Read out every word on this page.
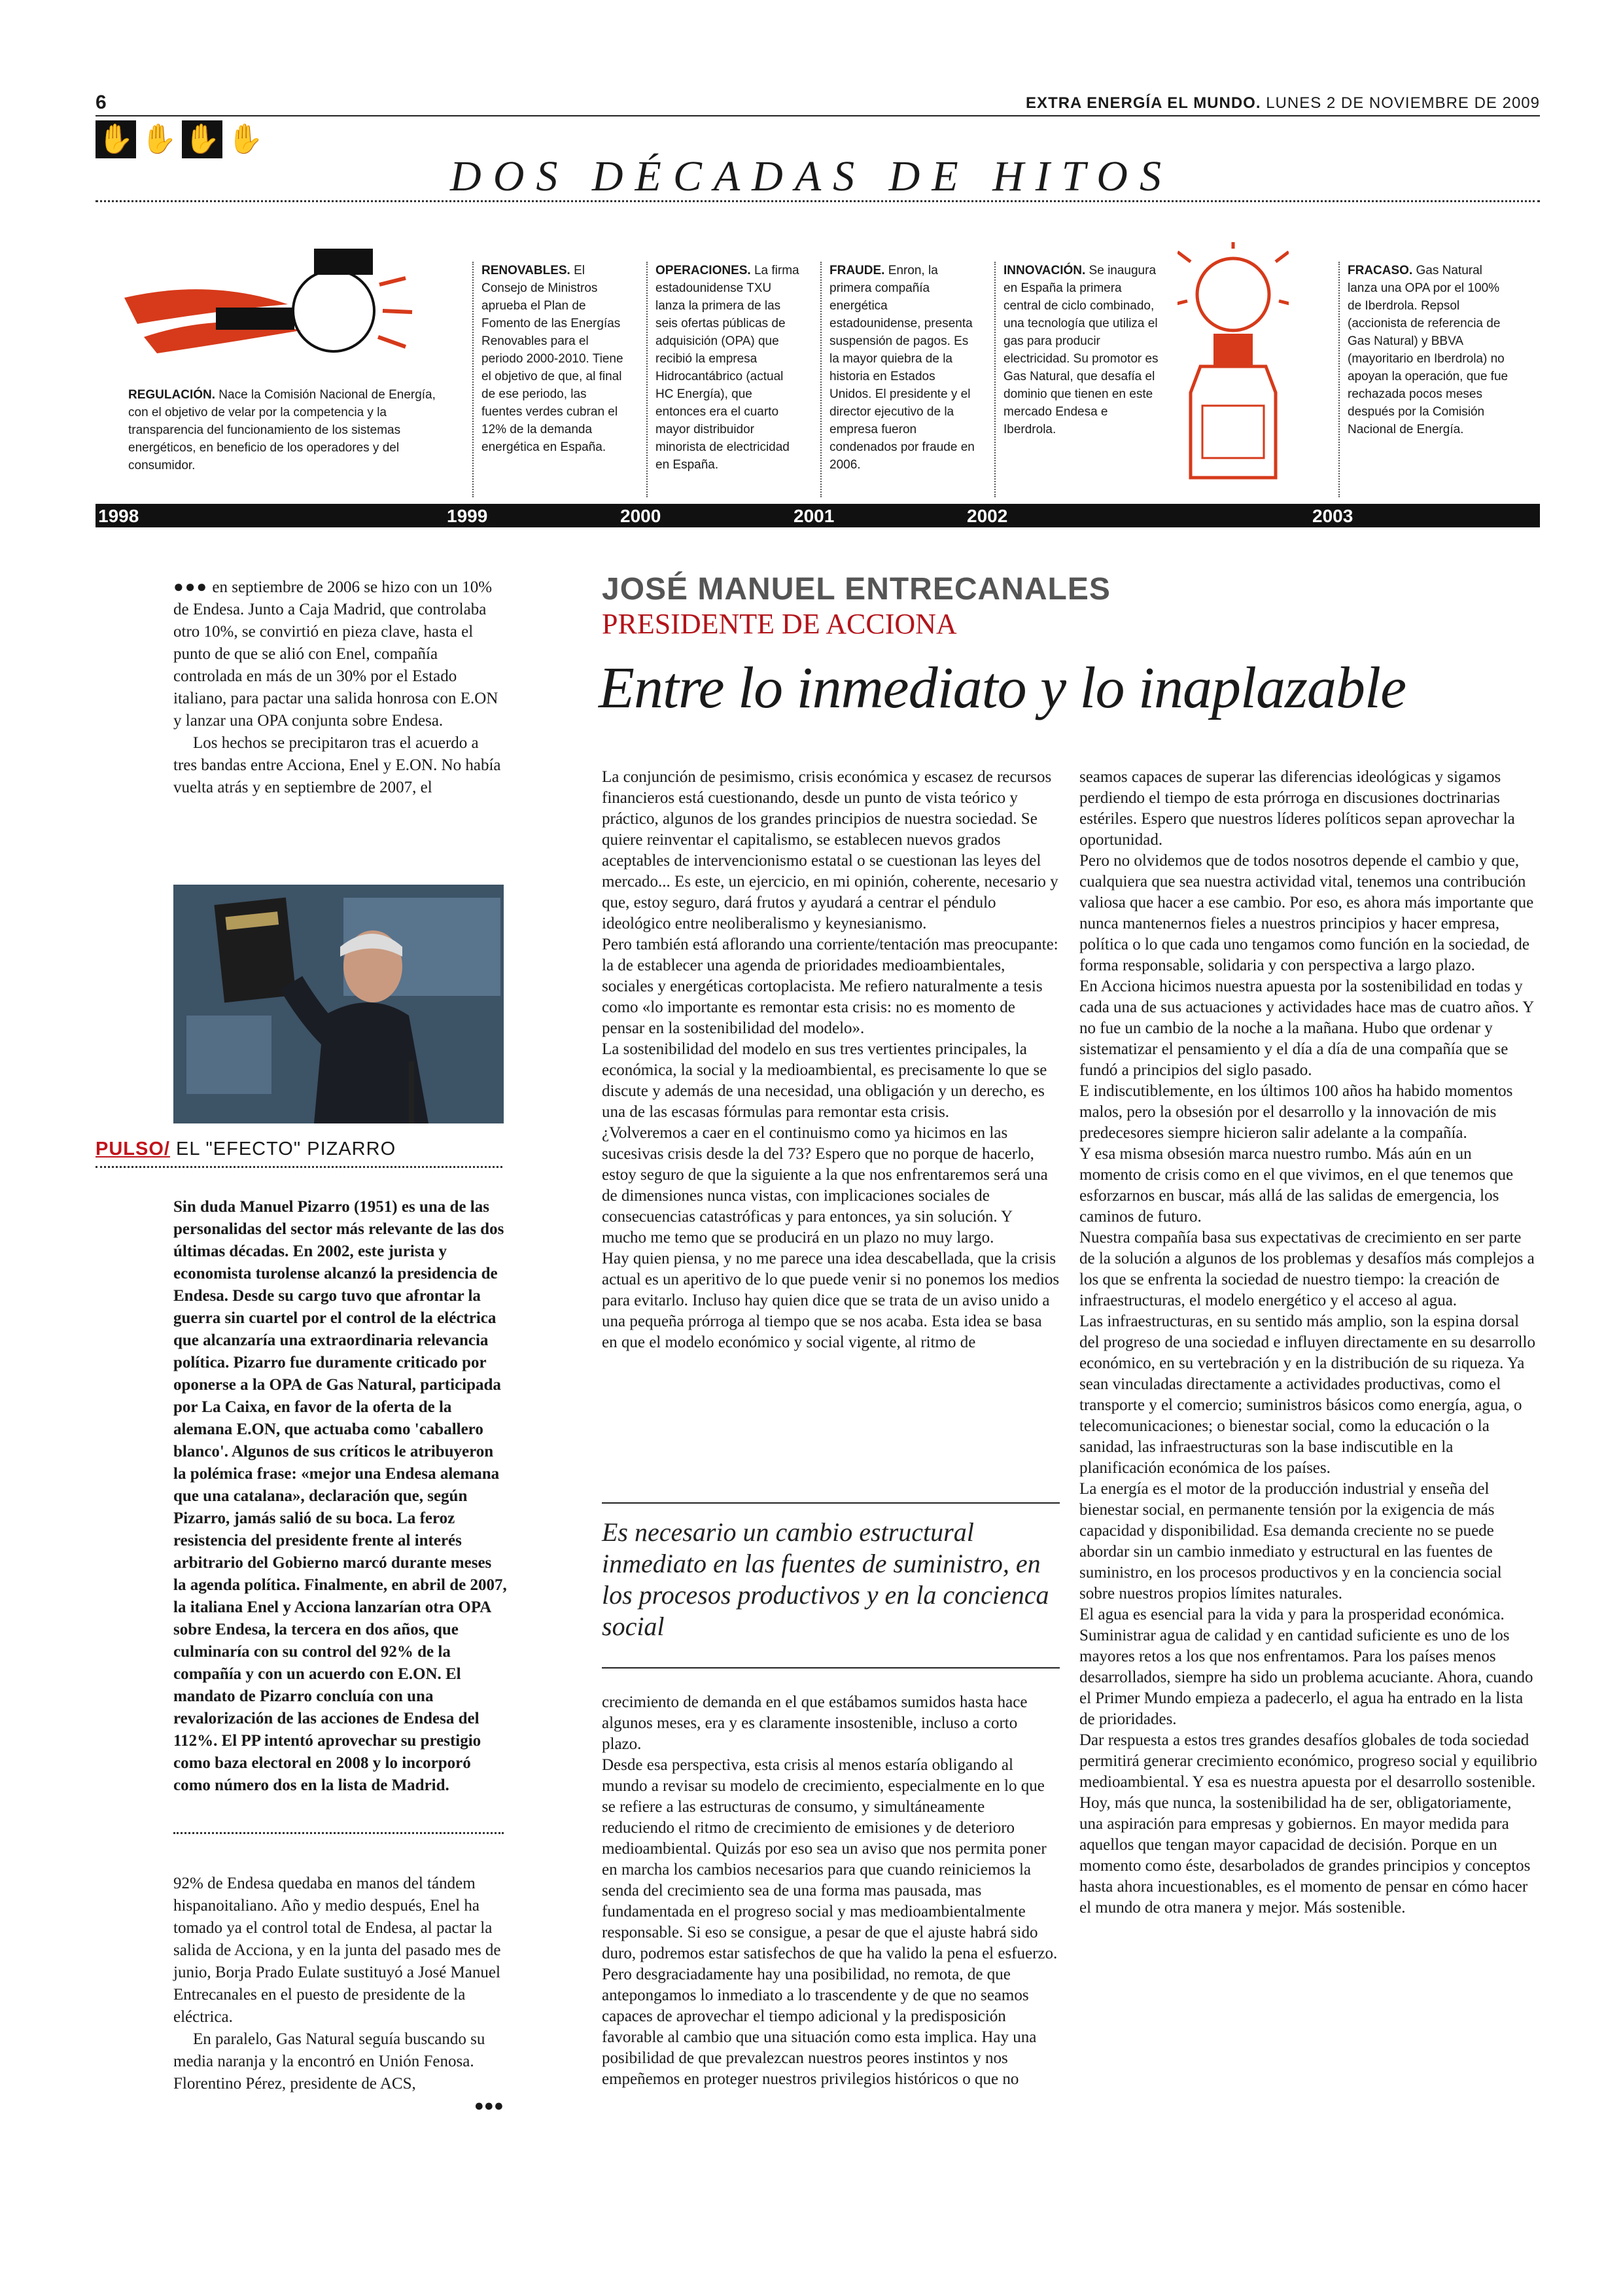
6	EXTRA ENERGÍA EL MUNDO. LUNES 2 DE NOVIEMBRE DE 2009
✋ ✋ ✋ ✋
DOS DÉCADAS DE HITOS
REGULACIÓN. Nace la Comisión Nacional de Energía, con el objetivo de velar por la competencia y la transparencia del funcionamiento de los sistemas energéticos, en beneficio de los operadores y del consumidor.
RENOVABLES. El Consejo de Ministros aprueba el Plan de Fomento de las Energías Renovables para el periodo 2000-2010. Tiene el objetivo de que, al final de ese periodo, las fuentes verdes cubran el 12% de la demanda energética en España.
OPERACIONES. La firma estadounidense TXU lanza la primera de las seis ofertas públicas de adquisición (OPA) que recibió la empresa Hidrocantábrico (actual HC Energía), que entonces era el cuarto mayor distribuidor minorista de electricidad en España.
FRAUDE. Enron, la primera compañía energética estadounidense, presenta suspensión de pagos. Es la mayor quiebra de la historia en Estados Unidos. El presidente y el director ejecutivo de la empresa fueron condenados por fraude en 2006.
INNOVACIÓN. Se inaugura en España la primera central de ciclo combinado, una tecnología que utiliza el gas para producir electricidad. Su promotor es Gas Natural, que desafía el dominio que tienen en este mercado Endesa e Iberdrola.
FRACASO. Gas Natural lanza una OPA por el 100% de Iberdrola. Repsol (accionista de referencia de Gas Natural) y BBVA (mayoritario en Iberdrola) no apoyan la operación, que fue rechazada pocos meses después por la Comisión Nacional de Energía.
1998	1999	2000	2001	2002	2003

●●● en septiembre de 2006 se hizo con un 10% de Endesa. Junto a Caja Madrid, que controlaba otro 10%, se convirtió en pieza clave, hasta el punto de que se alió con Enel, compañía controlada en más de un 30% por el Estado italiano, para pactar una salida honrosa con E.ON y lanzar una OPA conjunta sobre Endesa.

Los hechos se precipitaron tras el acuerdo a tres bandas entre Acciona, Enel y E.ON. No había vuelta atrás y en septiembre de 2007, el

PULSO/ EL "EFECTO" PIZARRO
Sin duda Manuel Pizarro (1951) es una de las personalidas del sector más relevante de las dos últimas décadas. En 2002, este jurista y economista turolense alcanzó la presidencia de Endesa. Desde su cargo tuvo que afrontar la guerra sin cuartel por el control de la eléctrica que alcanzaría una extraordinaria relevancia política. Pizarro fue duramente criticado por oponerse a la OPA de Gas Natural, participada por La Caixa, en favor de la oferta de la alemana E.ON, que actuaba como 'caballero blanco'. Algunos de sus críticos le atribuyeron la polémica frase: «mejor una Endesa alemana que una catalana», declaración que, según Pizarro, jamás salió de su boca. La feroz resistencia del presidente frente al interés arbitrario del Gobierno marcó durante meses la agenda política. Finalmente, en abril de 2007, la italiana Enel y Acciona lanzarían otra OPA sobre Endesa, la tercera en dos años, que culminaría con su control del 92% de la compañía y con un acuerdo con E.ON. El mandato de Pizarro concluía con una revalorización de las acciones de Endesa del 112%. El PP intentó aprovechar su prestigio como baza electoral en 2008 y lo incorporó como número dos en la lista de Madrid.

92% de Endesa quedaba en manos del tándem hispanoitaliano. Año y medio después, Enel ha tomado ya el control total de Endesa, al pactar la salida de Acciona, y en la junta del pasado mes de junio, Borja Prado Eulate sustituyó a José Manuel Entrecanales en el puesto de presidente de la eléctrica.

En paralelo, Gas Natural seguía buscando su media naranja y la encontró en Unión Fenosa. Florentino Pérez, presidente de ACS,

●●●

JOSÉ MANUEL ENTRECANALES
PRESIDENTE DE ACCIONA
Entre lo inmediato y lo inaplazable

La conjunción de pesimismo, crisis económica y escasez de recursos financieros está cuestionando, desde un punto de vista teórico y práctico, algunos de los grandes principios de nuestra sociedad. Se quiere reinventar el capitalismo, se establecen nuevos grados aceptables de intervencionismo estatal o se cuestionan las leyes del mercado... Es este, un ejercicio, en mi opinión, coherente, necesario y que, estoy seguro, dará frutos y ayudará a centrar el péndulo ideológico entre neoliberalismo y keynesianismo.

Pero también está aflorando una corriente/tentación mas preocupante: la de establecer una agenda de prioridades medioambientales, sociales y energéticas cortoplacista. Me refiero naturalmente a tesis como «lo importante es remontar esta crisis: no es momento de pensar en la sostenibilidad del modelo».

La sostenibilidad del modelo en sus tres vertientes principales, la económica, la social y la medioambiental, es precisamente lo que se discute y además de una necesidad, una obligación y un derecho, es una de las escasas fórmulas para remontar esta crisis.

¿Volveremos a caer en el continuismo como ya hicimos en las sucesivas crisis desde la del 73? Espero que no porque de hacerlo, estoy seguro de que la siguiente a la que nos enfrentaremos será una de dimensiones nunca vistas, con implicaciones sociales de consecuencias catastróficas y para entonces, ya sin solución. Y mucho me temo que se producirá en un plazo no muy largo.

Hay quien piensa, y no me parece una idea descabellada, que la crisis actual es un aperitivo de lo que puede venir si no ponemos los medios para evitarlo. Incluso hay quien dice que se trata de un aviso unido a una pequeña prórroga al tiempo que se nos acaba. Esta idea se basa en que el modelo económico y social vigente, al ritmo de

Es necesario un cambio estructural inmediato en las fuentes de suministro, en los procesos productivos y en la concienca social

crecimiento de demanda en el que estábamos sumidos hasta hace algunos meses, era y es claramente insostenible, incluso a corto plazo.

Desde esa perspectiva, esta crisis al menos estaría obligando al mundo a revisar su modelo de crecimiento, especialmente en lo que se refiere a las estructuras de consumo, y simultáneamente reduciendo el ritmo de crecimiento de emisiones y de deterioro medioambiental. Quizás por eso sea un aviso que nos permita poner en marcha los cambios necesarios para que cuando reiniciemos la senda del crecimiento sea de una forma mas pausada, mas fundamentada en el progreso social y mas medioambientalmente responsable. Si eso se consigue, a pesar de que el ajuste habrá sido duro, podremos estar satisfechos de que ha valido la pena el esfuerzo.

Pero desgraciadamente hay una posibilidad, no remota, de que antepongamos lo inmediato a lo trascendente y de que no seamos capaces de aprovechar el tiempo adicional y la predisposición favorable al cambio que una situación como esta implica. Hay una posibilidad de que prevalezcan nuestros peores instintos y nos empeñemos en proteger nuestros privilegios históricos o que no

seamos capaces de superar las diferencias ideológicas y sigamos perdiendo el tiempo de esta prórroga en discusiones doctrinarias estériles. Espero que nuestros líderes políticos sepan aprovechar la oportunidad.

Pero no olvidemos que de todos nosotros depende el cambio y que, cualquiera que sea nuestra actividad vital, tenemos una contribución valiosa que hacer a ese cambio. Por eso, es ahora más importante que nunca mantenernos fieles a nuestros principios y hacer empresa, política o lo que cada uno tengamos como función en la sociedad, de forma responsable, solidaria y con perspectiva a largo plazo.

En Acciona hicimos nuestra apuesta por la sostenibilidad en todas y cada una de sus actuaciones y actividades hace mas de cuatro años. Y no fue un cambio de la noche a la mañana. Hubo que ordenar y sistematizar el pensamiento y el día a día de una compañía que se fundó a principios del siglo pasado.

E indiscutiblemente, en los últimos 100 años ha habido momentos malos, pero la obsesión por el desarrollo y la innovación de mis predecesores siempre hicieron salir adelante a la compañía.

Y esa misma obsesión marca nuestro rumbo. Más aún en un momento de crisis como en el que vivimos, en el que tenemos que esforzarnos en buscar, más allá de las salidas de emergencia, los caminos de futuro.

Nuestra compañía basa sus expectativas de crecimiento en ser parte de la solución a algunos de los problemas y desafíos más complejos a los que se enfrenta la sociedad de nuestro tiempo: la creación de infraestructuras, el modelo energético y el acceso al agua.

Las infraestructuras, en su sentido más amplio, son la espina dorsal del progreso de una sociedad e influyen directamente en su desarrollo económico, en su vertebración y en la distribución de su riqueza. Ya sean vinculadas directamente a actividades productivas, como el transporte y el comercio; suministros básicos como energía, agua, o telecomunicaciones; o bienestar social, como la educación o la sanidad, las infraestructuras son la base indiscutible en la planificación económica de los países.

La energía es el motor de la producción industrial y enseña del bienestar social, en permanente tensión por la exigencia de más capacidad y disponibilidad. Esa demanda creciente no se puede abordar sin un cambio inmediato y estructural en las fuentes de suministro, en los procesos productivos y en la conciencia social sobre nuestros propios límites naturales.

El agua es esencial para la vida y para la prosperidad económica. Suministrar agua de calidad y en cantidad suficiente es uno de los mayores retos a los que nos enfrentamos. Para los países menos desarrollados, siempre ha sido un problema acuciante. Ahora, cuando el Primer Mundo empieza a padecerlo, el agua ha entrado en la lista de prioridades.

Dar respuesta a estos tres grandes desafíos globales de toda sociedad permitirá generar crecimiento económico, progreso social y equilibrio medioambiental. Y esa es nuestra apuesta por el desarrollo sostenible.

Hoy, más que nunca, la sostenibilidad ha de ser, obligatoriamente, una aspiración para empresas y gobiernos. En mayor medida para aquellos que tengan mayor capacidad de decisión. Porque en un momento como éste, desarbolados de grandes principios y conceptos hasta ahora incuestionables, es el momento de pensar en cómo hacer el mundo de otra manera y mejor. Más sostenible.
